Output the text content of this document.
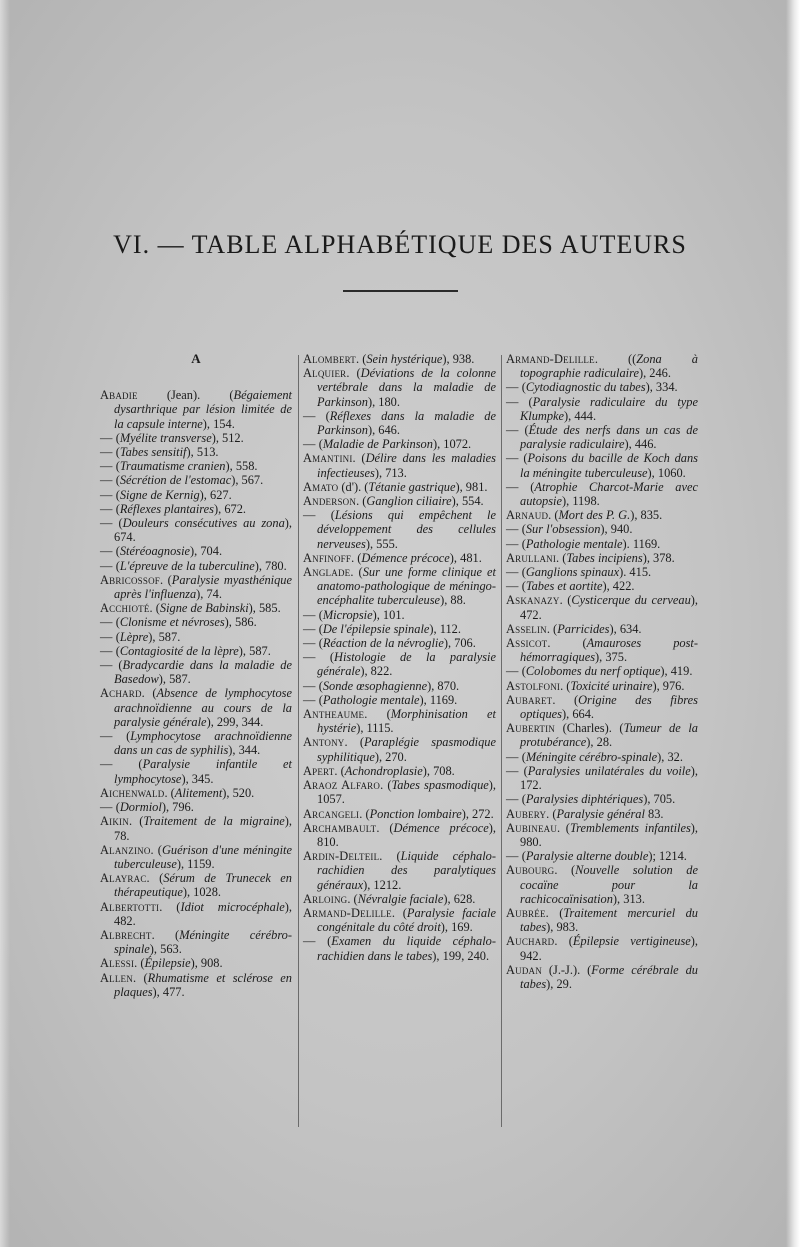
VI. — TABLE ALPHABÉTIQUE DES AUTEURS
A

Abadie (Jean). (Bégaiement dysarthrique par lésion limitée de la capsule interne), 154.

— (Myélite transverse), 512.

— (Tabes sensitif), 513.

— (Traumatisme cranien), 558.

— (Sécrétion de l'estomac), 567.

— (Signe de Kernig), 627.

— (Réflexes plantaires), 672.

— (Douleurs consécutives au zona), 674.

— (Stéréoagnosie), 704.

— (L'épreuve de la tuberculine), 780.

Abricossof. (Paralysie myasthénique après l'influenza), 74.

Acchioté. (Signe de Babinski), 585.

— (Clonisme et névroses), 586.

— (Lèpre), 587.

— (Contagiosité de la lèpre), 587.

— (Bradycardie dans la maladie de Basedow), 587.

Achard. (Absence de lymphocytose arachnoïdienne au cours de la paralysie générale), 299, 344.

— (Lymphocytose arachnoïdienne dans un cas de syphilis), 344.

— (Paralysie infantile et lymphocytose), 345.

Aichenwald. (Alitement), 520.

— (Dormiol), 796.

Aikin. (Traitement de la migraine), 78.

Alanzino. (Guérison d'une méningite tuberculeuse), 1159.

Alayrac. (Sérum de Trunecek en thérapeutique), 1028.

Albertotti. (Idiot microcéphale), 482.

Albrecht. (Méningite cérébro-spinale), 563.

Alessi. (Épilepsie), 908.

Allen. (Rhumatisme et sclérose en plaques), 477.

Alombert. (Sein hystérique), 938.

Alquier. (Déviations de la colonne vertébrale dans la maladie de Parkinson), 180.

— (Réflexes dans la maladie de Parkinson), 646.

— (Maladie de Parkinson), 1072.

Amantini. (Délire dans les maladies infectieuses), 713.

Amato (d'). (Tétanie gastrique), 981.

Anderson. (Ganglion ciliaire), 554.

— (Lésions qui empêchent le développement des cellules nerveuses), 555.

Anfinoff. (Démence précoce), 481.

Anglade. (Sur une forme clinique et anatomo-pathologique de méningo-encéphalite tuberculeuse), 88.

— (Micropsie), 101.

— (De l'épilepsie spinale), 112.

— (Réaction de la névroglie), 706.

— (Histologie de la paralysie générale), 822.

— (Sonde œsophagienne), 870.

— (Pathologie mentale), 1169.

Antheaume. (Morphinisation et hystérie), 1115.

Antony. (Paraplégie spasmodique syphilitique), 270.

Apert. (Achondroplasie), 708.

Araoz Alfaro. (Tabes spasmodique), 1057.

Arcangeli. (Ponction lombaire), 272.

Archambault. (Démence précoce), 810.

Ardin-Delteil. (Liquide céphalo-rachidien des paralytiques généraux), 1212.

Arloing. (Névralgie faciale), 628.

Armand-Delille. (Paralysie faciale congénitale du côté droit), 169.

— (Examen du liquide céphalo-rachidien dans le tabes), 199, 240.

Armand-Delille. ((Zona à topographie radiculaire), 246.

— (Cytodiagnostic du tabes), 334.

— (Paralysie radiculaire du type Klumpke), 444.

— (Étude des nerfs dans un cas de paralysie radiculaire), 446.

— (Poisons du bacille de Koch dans la méningite tuberculeuse), 1060.

— (Atrophie Charcot-Marie avec autopsie), 1198.

Arnaud. (Mort des P. G.), 835.

— (Sur l'obsession), 940.

— (Pathologie mentale). 1169.

Arullani. (Tabes incipiens), 378.

— (Ganglions spinaux). 415.

— (Tabes et aortite), 422.

Askanazy. (Cysticerque du cerveau), 472.

Asselin. (Parricides), 634.

Assicot. (Amauroses post-hémorragiques), 375.

— (Colobomes du nerf optique), 419.

Astolfoni. (Toxicité urinaire), 976.

Aubaret. (Origine des fibres optiques), 664.

Aubertin (Charles). (Tumeur de la protubérance), 28.

— (Méningite cérébro-spinale), 32.

— (Paralysies unilatérales du voile), 172.

— (Paralysies diphtériques), 705.

Aubery. (Paralysie général 83.

Aubineau. (Tremblements infantiles), 980.

— (Paralysie alterne double); 1214.

Aubourg. (Nouvelle solution de cocaïne pour la rachicocaïnisation), 313.

Aubrée. (Traitement mercuriel du tabes), 983.

Auchard. (Épilepsie vertigineuse), 942.

Audan (J.-J.). (Forme cérébrale du tabes), 29.
